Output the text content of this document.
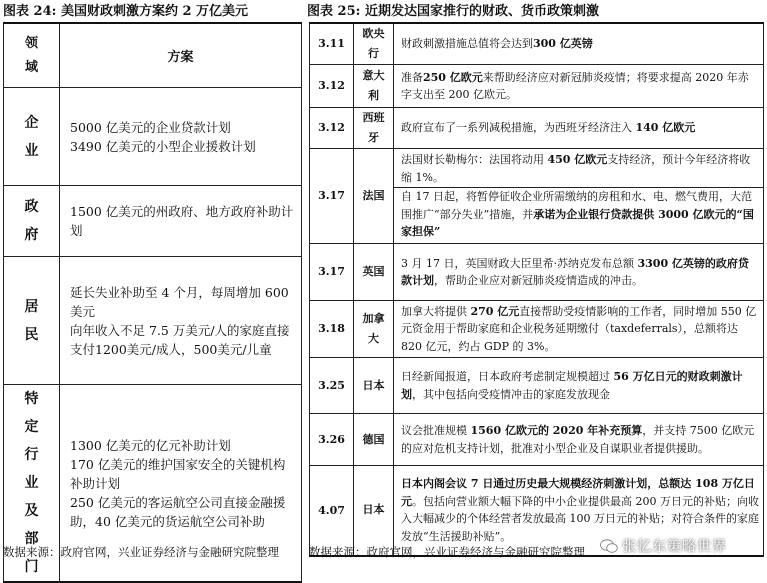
图表 24: 美国财政刺激方案约 2 万亿美元	图表 25: 近期发达国家推行的财政、货币政策刺激
领域	方案

企业	5000 亿美元的企业贷款计划
3490 亿美元的小型企业援救计划

政府	1500 亿美元的州政府、地方政府补助计划

居民	延长失业补助至 4 个月，每周增加 600 美元
向年收入不足 7.5 万美元/人的家庭直接支付1200美元/成人，500美元/儿童

特定行业及部门	1300 亿美元的亿元补助计划
170 亿美元的维护国家安全的关键机构补助计划
250 亿美元的客运航空公司直接金融援助，40 亿美元的货运航空公司补助
3.11	欧央行	财政刺激措施总值将会达到300 亿英镑
3.12	意大利	准备250 亿欧元来帮助经济应对新冠肺炎疫情；将要求提高 2020 年赤字支出至 200 亿欧元。
3.12	西班牙	政府宣布了一系列减税措施，为西班牙经济注入 140 亿欧元
3.17	法国	法国财长勒梅尔：法国将动用 450 亿欧元支持经济，预计今年经济将收缩 1%。
自 17 日起，将暂停征收企业所需缴纳的房租和水、电、燃气费用，大范围推广“部分失业”措施，并承诺为企业银行贷款提供 3000 亿欧元的“国家担保”

3.17	英国	3 月 17 日，英国财政大臣里希·苏纳克发布总额 3300 亿英镑的政府贷款计划，帮助企业应对新冠肺炎疫情造成的冲击。
3.18	加拿大	加拿大将提供 270 亿元直接帮助受疫情影响的工作者，同时增加 550 亿元资金用于帮助家庭和企业税务延期缴付（taxdeferrals），总额将达 820 亿元，约占 GDP 的 3%。
3.25	日本	日经新闻报道，日本政府考虑制定规模超过 56 万亿日元的财政刺激计划，其中包括向受疫情冲击的家庭发放现金
3.26	德国	议会批准规模 1560 亿欧元的 2020 年补充预算，并支持 7500 亿欧元的应对危机支持计划，批准对小型企业及自谋职业者提供援助。
4.07	日本	日本内阁会议 7 日通过历史最大规模经济刺激计划，总额达 108 万亿日元。包括向营业额大幅下降的中小企业提供最高 200 万日元的补贴；向收入大幅减少的个体经营者发放最高 100 万日元的补贴；对符合条件的家庭发放“生活援助补贴”。
数据来源：政府官网，兴业证券经济与金融研究院整理	数据来源：政府官网，兴业证券经济与金融研究院整理	张忆东策略世界
